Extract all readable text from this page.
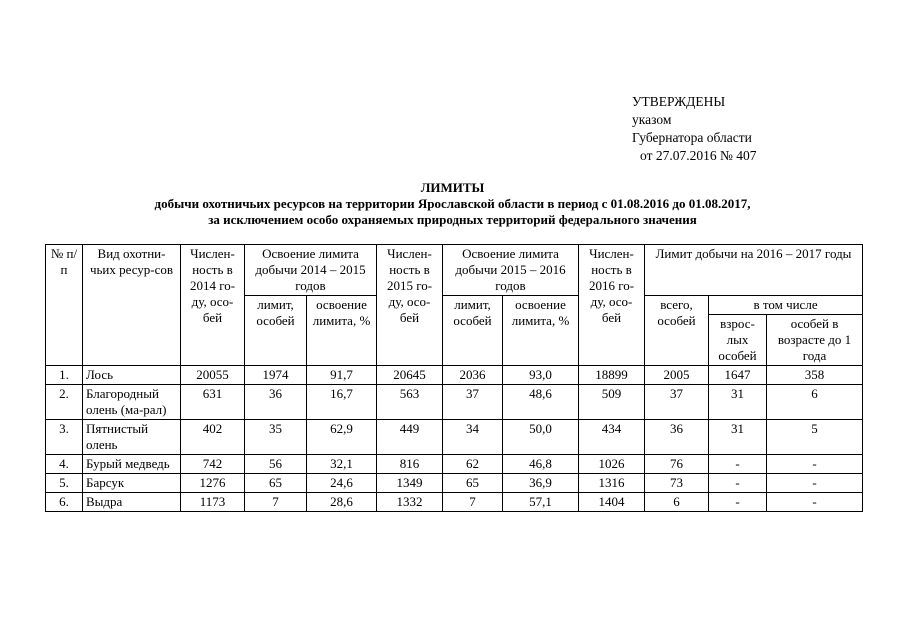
УТВЕРЖДЕНЫ
указом
Губернатора области
от 27.07.2016 № 407
ЛИМИТЫ
добычи охотничьих ресурсов на территории Ярославской области в период с 01.08.2016 до 01.08.2017,
за исключением особо охраняемых природных территорий федерального значения
№ п/п	Вид охотни-чьих ресур-сов	Числен-ность в 2014 го-ду, осо-бей	Освоение лимита добычи 2014 – 2015 годов		Числен-ность в 2015 го-ду, осо-бей	Освоение лимита добычи 2015 – 2016 годов		Числен-ность в 2016 го-ду, осо-бей	Лимит добычи на 2016 – 2017 годы		
			лимит, особей	освоение лимита, %		лимит, особей	освоение лимита, %		всего, особей	в том числе	
										взрос-лых особей	особей в возрасте до 1 года
1.	Лось	20055	1974	91,7	20645	2036	93,0	18899	2005	1647	358
2.	Благородный олень (ма-рал)	631	36	16,7	563	37	48,6	509	37	31	6
3.	Пятнистый олень	402	35	62,9	449	34	50,0	434	36	31	5
4.	Бурый медведь	742	56	32,1	816	62	46,8	1026	76	-	-
5.	Барсук	1276	65	24,6	1349	65	36,9	1316	73	-	-
6.	Выдра	1173	7	28,6	1332	7	57,1	1404	6	-	-
